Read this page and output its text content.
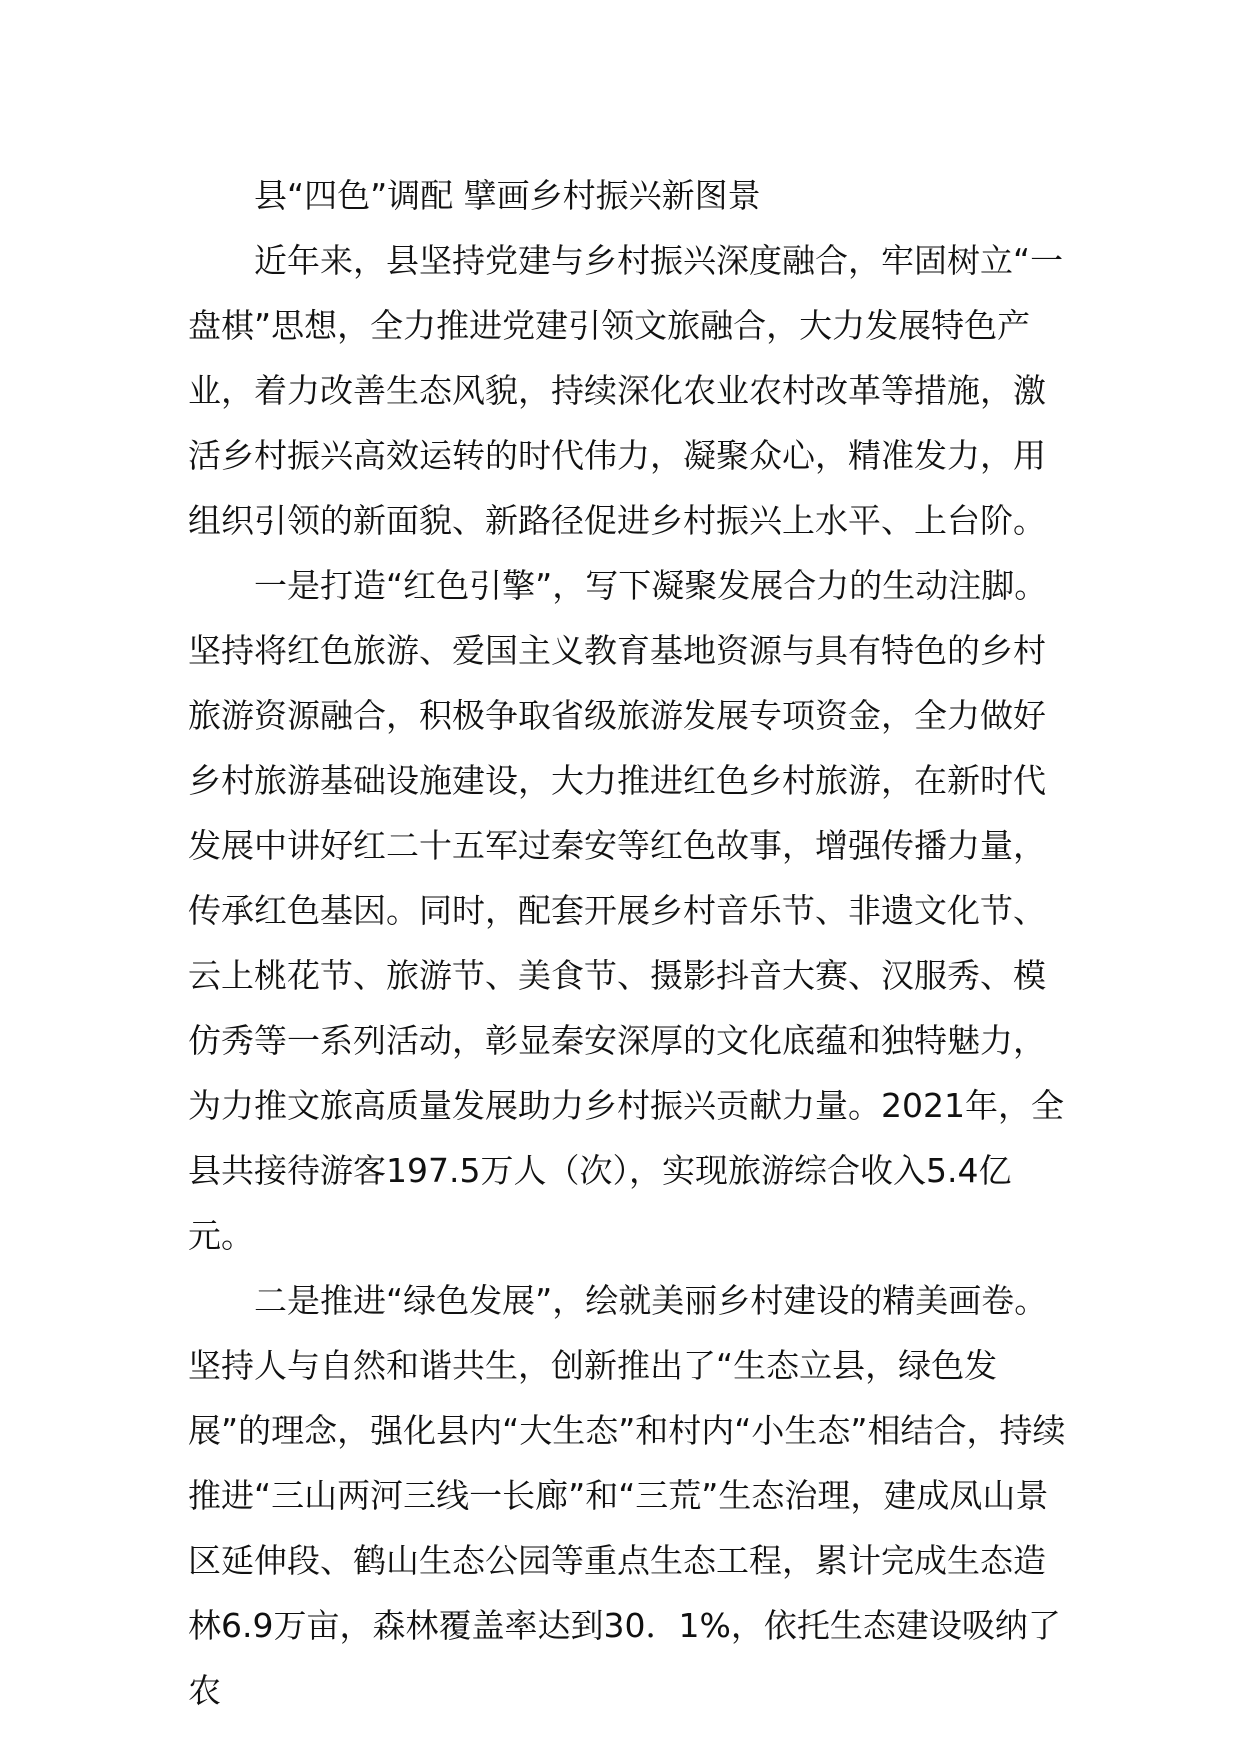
县“四色”调配 擘画乡村振兴新图景

近年来，县坚持党建与乡村振兴深度融合，牢固树立“一盘棋”思想，全力推进党建引领文旅融合，大力发展特色产业，着力改善生态风貌，持续深化农业农村改革等措施，激活乡村振兴高效运转的时代伟力，凝聚众心，精准发力，用组织引领的新面貌、新路径促进乡村振兴上水平、上台阶。

一是打造“红色引擎”，写下凝聚发展合力的生动注脚。坚持将红色旅游、爱国主义教育基地资源与具有特色的乡村旅游资源融合，积极争取省级旅游发展专项资金，全力做好乡村旅游基础设施建设，大力推进红色乡村旅游，在新时代发展中讲好红二十五军过秦安等红色故事，增强传播力量，传承红色基因。同时，配套开展乡村音乐节、非遗文化节、云上桃花节、旅游节、美食节、摄影抖音大赛、汉服秀、模仿秀等一系列活动，彰显秦安深厚的文化底蕴和独特魅力，为力推文旅高质量发展助力乡村振兴贡献力量。2021年，全县共接待游客197.5万人（次），实现旅游综合收入5.4亿元。

二是推进“绿色发展”，绘就美丽乡村建设的精美画卷。坚持人与自然和谐共生，创新推出了“生态立县，绿色发展”的理念，强化县内“大生态”和村内“小生态”相结合，持续推进“三山两河三线一长廊”和“三荒”生态治理，建成凤山景区延伸段、鹤山生态公园等重点生态工程，累计完成生态造林6.9万亩，森林覆盖率达到30．1%，依托生态建设吸纳了农
